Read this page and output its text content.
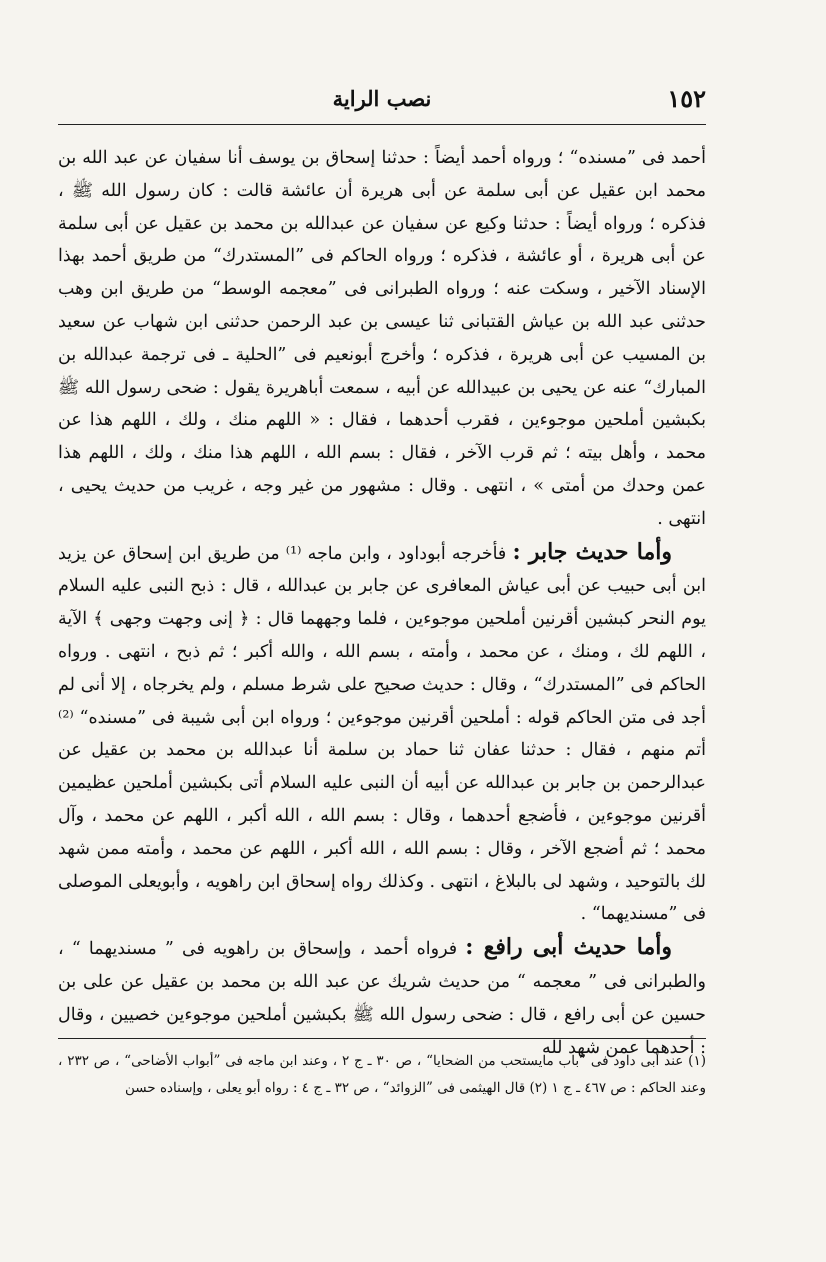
١٥٢
نصب الراية

أحمد فى ”مسنده“ ؛ ورواه أحمد أيضاً : حدثنا إسحاق بن يوسف أنا سفيان عن عبد الله بن محمد ابن عقيل عن أبى سلمة عن أبى هريرة أن عائشة قالت : كان رسول الله ﷺ ، فذكره ؛ ورواه أيضاً : حدثنا وكيع عن سفيان عن عبدالله بن محمد بن عقيل عن أبى سلمة عن أبى هريرة ، أو عائشة ، فذكره ؛ ورواه الحاكم فى ”المستدرك“ من طريق أحمد بهذا الإسناد الآخير ، وسكت عنه ؛ ورواه الطبرانى فى ”معجمه الوسط“ من طريق ابن وهب حدثنى عبد الله بن عياش القتبانى ثنا عيسى بن عبد الرحمن حدثنى ابن شهاب عن سعيد بن المسيب عن أبى هريرة ، فذكره ؛ وأخرج أبونعيم فى ”الحلية ـ فى ترجمة عبدالله بن المبارك“ عنه عن يحيى بن عبيدالله عن أبيه ، سمعت أباهريرة يقول : ضحى رسول الله ﷺ بكبشين أملحين موجوءين ، فقرب أحدهما ، فقال : « اللهم منك ، ولك ، اللهم هذا عن محمد ، وأهل بيته ؛ ثم قرب الآخر ، فقال : بسم الله ، اللهم هذا منك ، ولك ، اللهم هذا عمن وحدك من أمتى » ، انتهى . وقال : مشهور من غير وجه ، غريب من حديث يحيى ، انتهى .

وأما حديث جابر : فأخرجه أبوداود ، وابن ماجه ⁽¹⁾ من طريق ابن إسحاق عن يزيد ابن أبى حبيب عن أبى عياش المعافرى عن جابر بن عبدالله ، قال : ذبح النبى عليه السلام يوم النحر كبشين أقرنين أملحين موجوءين ، فلما وجههما قال : ﴿ إنى وجهت وجهى ﴾ الآية ، اللهم لك ، ومنك ، عن محمد ، وأمته ، بسم الله ، والله أكبر ؛ ثم ذبح ، انتهى . ورواه الحاكم فى ”المستدرك“ ، وقال : حديث صحيح على شرط مسلم ، ولم يخرجاه ، إلا أنى لم أجد فى متن الحاكم قوله : أملحين أقرنين موجوءين ؛ ورواه ابن أبى شيبة فى ”مسنده“ ⁽²⁾ أتم منهم ، فقال : حدثنا عفان ثنا حماد بن سلمة أنا عبدالله بن محمد بن عقيل عن عبدالرحمن بن جابر بن عبدالله عن أبيه أن النبى عليه السلام أتى بكبشين أملحين عظيمين أقرنين موجوءين ، فأضجع أحدهما ، وقال : بسم الله ، الله أكبر ، اللهم عن محمد ، وآل محمد ؛ ثم أضجع الآخر ، وقال : بسم الله ، الله أكبر ، اللهم عن محمد ، وأمته ممن شهد لك بالتوحيد ، وشهد لى بالبلاغ ، انتهى . وكذلك رواه إسحاق ابن راهويه ، وأبويعلى الموصلى فى ”مسنديهما“ .

وأما حديث أبى رافع : فرواه أحمد ، وإسحاق بن راهويه فى ” مسنديهما “ ، والطبرانى فى ” معجمه “ من حديث شريك عن عبد الله بن محمد بن عقيل عن على بن حسين عن أبى رافع ، قال : ضحى رسول الله ﷺ بكبشين أملحين موجوءين خصيين ، وقال : أحدهما عمن شهد لله

(١) عند أبى داود فى ”باب مايستحب من الضحايا“ ، ص ٣٠ ـ ج ٢ ، وعند ابن ماجه فى ”أبواب الأضاحى“ ، ص ٢٣٢ ، وعند الحاكم : ص ٤٦٧ ـ ج ١ (٢) قال الهيثمى فى ”الزوائد“ ، ص ٣٢ ـ ج ٤ : رواه أبو يعلى ، وإسناده حسن
